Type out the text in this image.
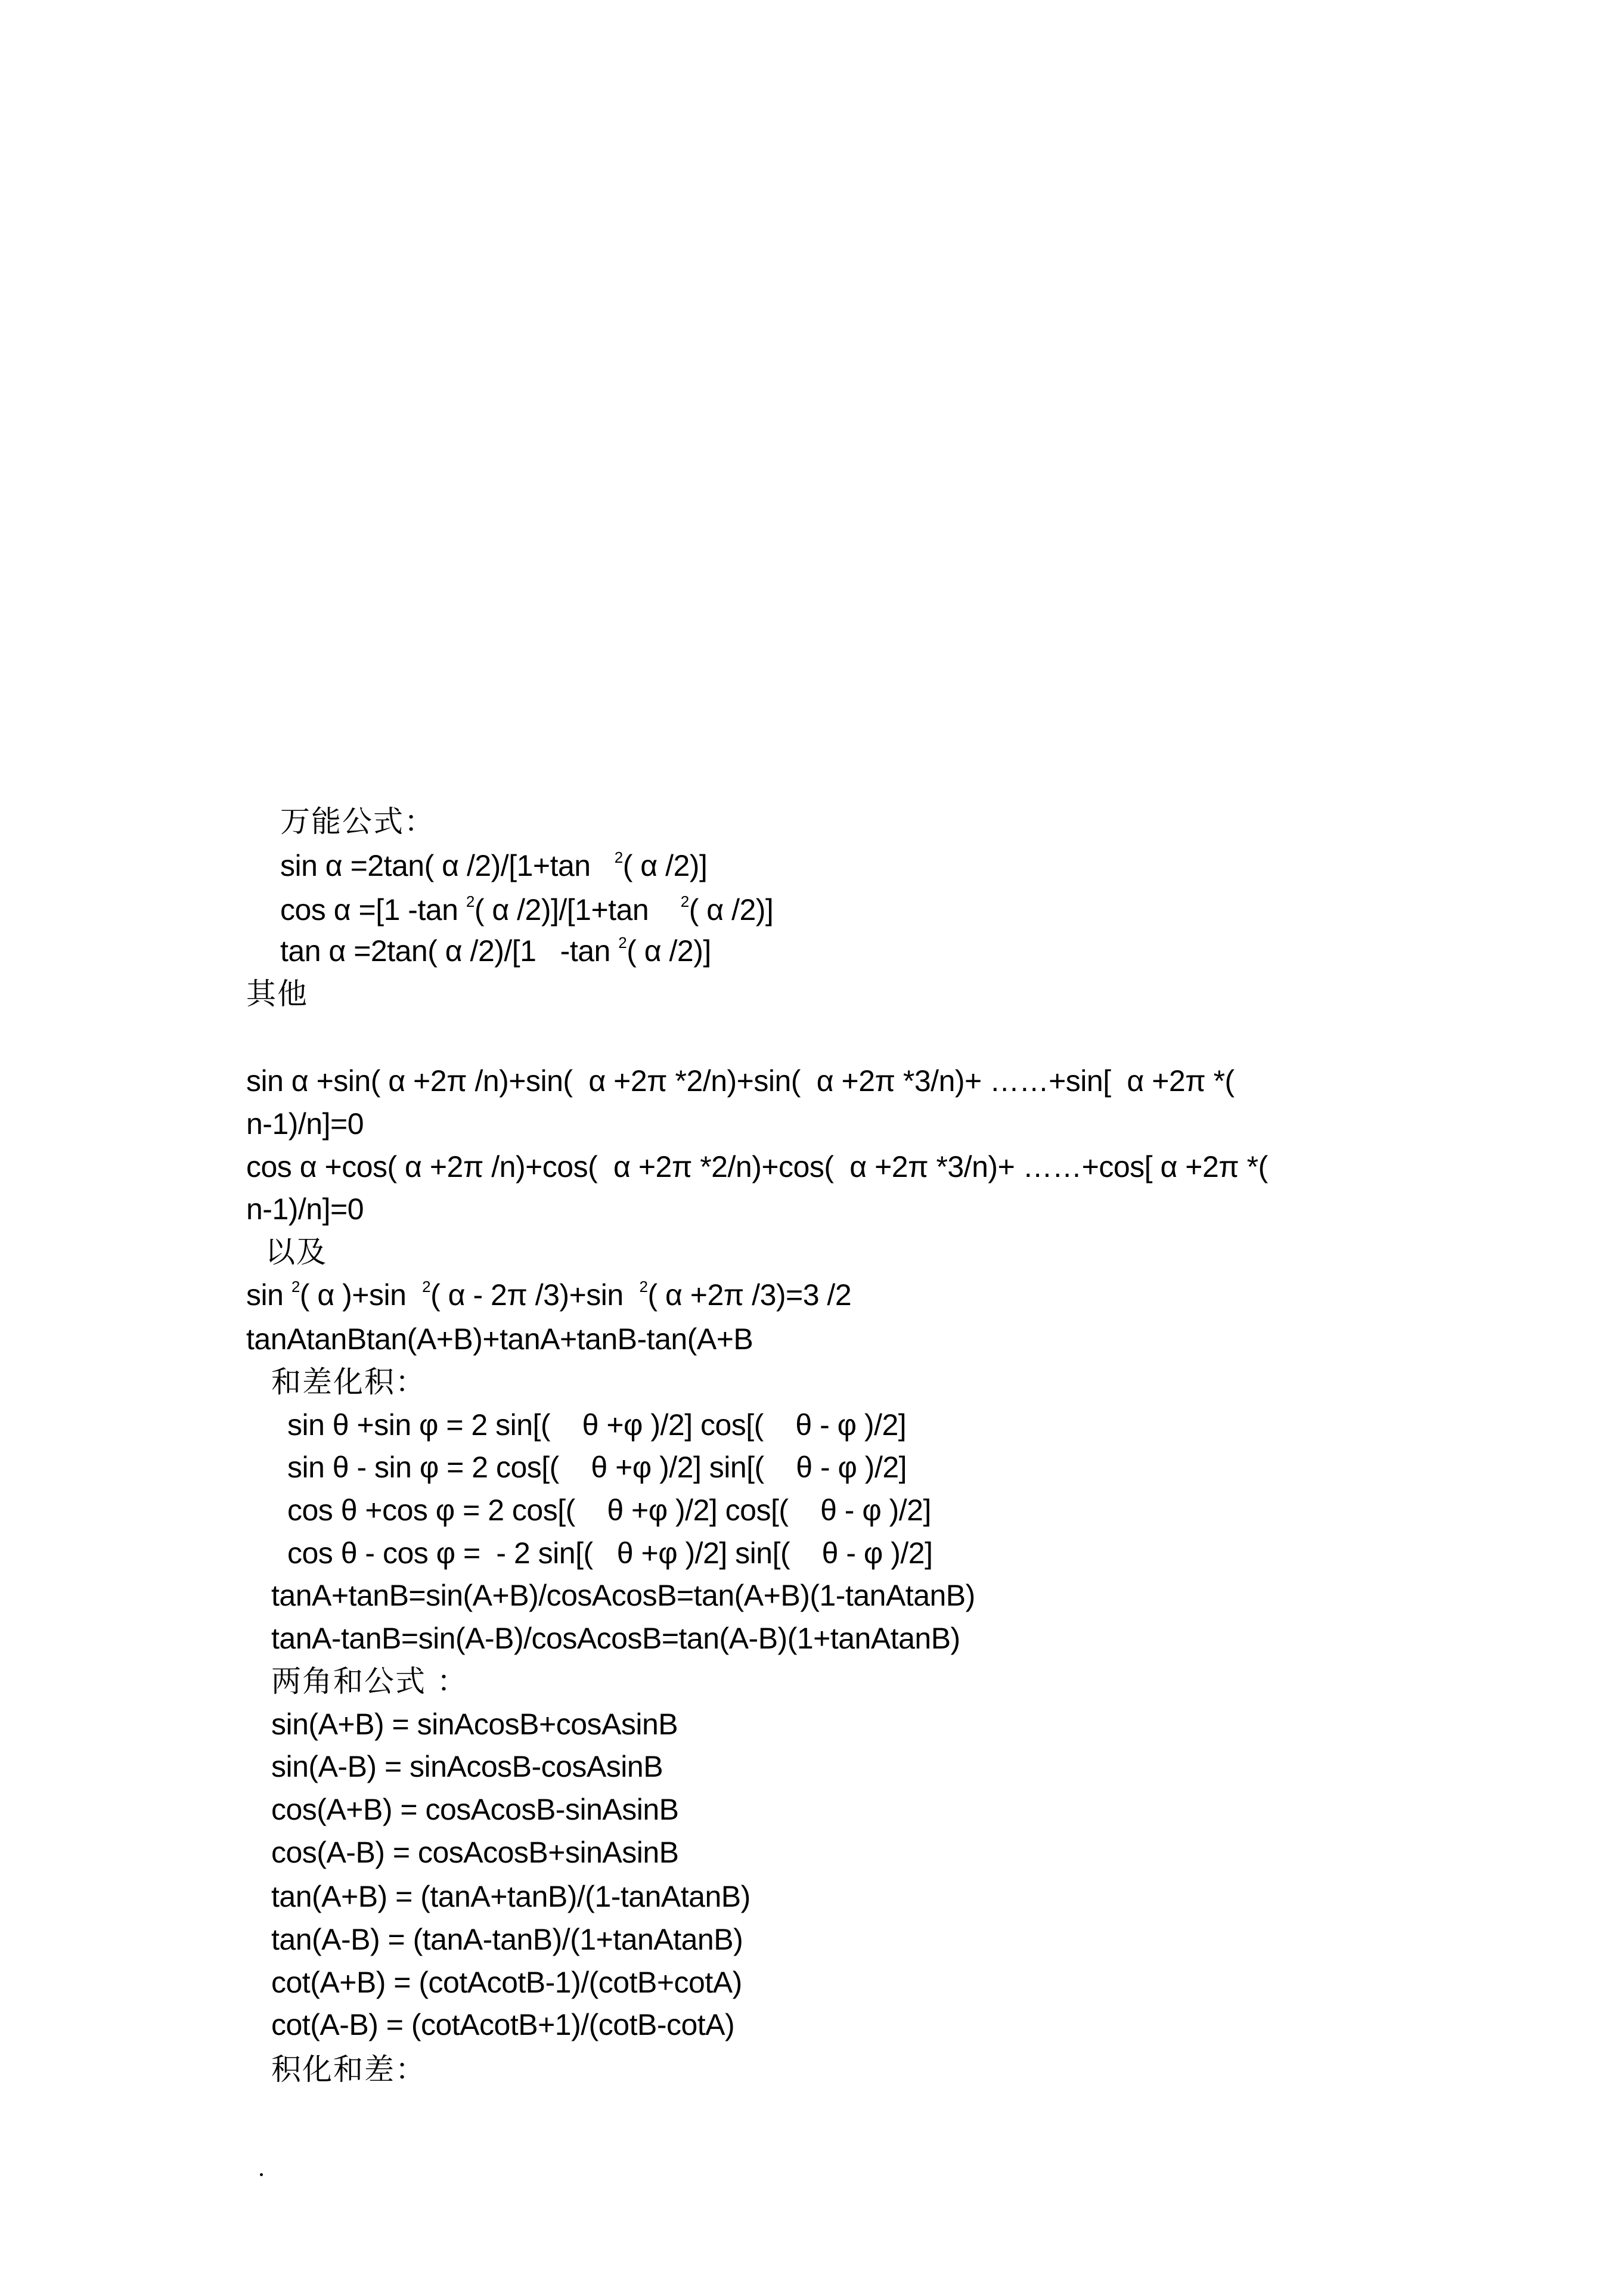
万能公式：
sin α =2tan( α /2)/[1+tan   $^2$( α /2)]
cos α =[1 -tan $^2$( α /2)]/[1+tan    $^2$( α /2)]
tan α =2tan( α /2)/[1   -tan $^2$( α /2)]
其他
sin α +sin( α +2π /n)+sin(  α +2π *2/n)+sin(  α +2π *3/n)+ ……+sin[  α +2π *(
n-1)/n]=0
cos α +cos( α +2π /n)+cos(  α +2π *2/n)+cos(  α +2π *3/n)+ ……+cos[ α +2π *(
n-1)/n]=0
以及
sin $^2$( α )+sin  $^2$( α - 2π /3)+sin  $^2$( α +2π /3)=3 /2
tanAtanBtan(A+B)+tanA+tanB-tan(A+B
和差化积：
sin θ +sin φ = 2 sin[(    θ +φ )/2] cos[(    θ - φ )/2]
sin θ - sin φ = 2 cos[(    θ +φ )/2] sin[(    θ - φ )/2]
cos θ +cos φ = 2 cos[(    θ +φ )/2] cos[(    θ - φ )/2]
cos θ - cos φ =  - 2 sin[(   θ +φ )/2] sin[(    θ - φ )/2]
tanA+tanB=sin(A+B)/cosAcosB=tan(A+B)(1-tanAtanB)
tanA-tanB=sin(A-B)/cosAcosB=tan(A-B)(1+tanAtanB)
两角和公式 ：
sin(A+B) = sinAcosB+cosAsinB
sin(A-B) = sinAcosB-cosAsinB
cos(A+B) = cosAcosB-sinAsinB
cos(A-B) = cosAcosB+sinAsinB
tan(A+B) = (tanA+tanB)/(1-tanAtanB)
tan(A-B) = (tanA-tanB)/(1+tanAtanB)
cot(A+B) = (cotAcotB-1)/(cotB+cotA)
cot(A-B) = (cotAcotB+1)/(cotB-cotA)
积化和差：
